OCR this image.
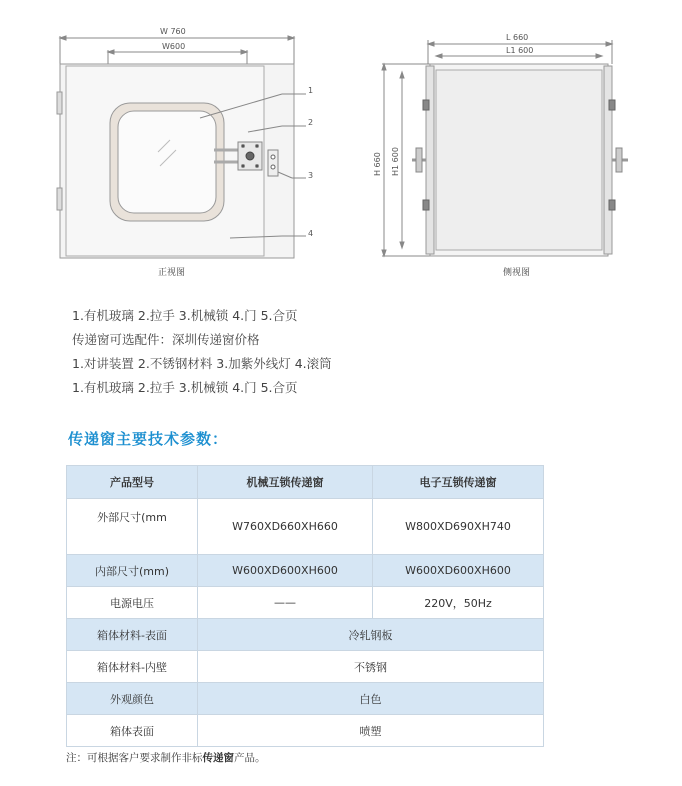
W 760
W600
L 660
L1 600
H 660 H1 600
1
2
3
4
正视图	侧视图
1.有机玻璃 2.拉手 3.机械锁 4.门 5.合页
传递窗可选配件：深圳传递窗价格
1.对讲装置 2.不锈钢材料 3.加紫外线灯 4.滚筒
1.有机玻璃 2.拉手 3.机械锁 4.门 5.合页
传递窗主要技术参数：
产品型号	机械互锁传递窗	电子互锁传递窗
外部尺寸(mm	W760XD660XH660	W800XD690XH740
内部尺寸(mm)	W600XD600XH600	W600XD600XH600
电源电压	——	220V，50Hz
箱体材料-表面	冷轧钢板	
箱体材料-内壁	不锈钢	
外观颜色	白色	
箱体表面	喷塑	
注：可根据客户要求制作非标传递窗产品。
